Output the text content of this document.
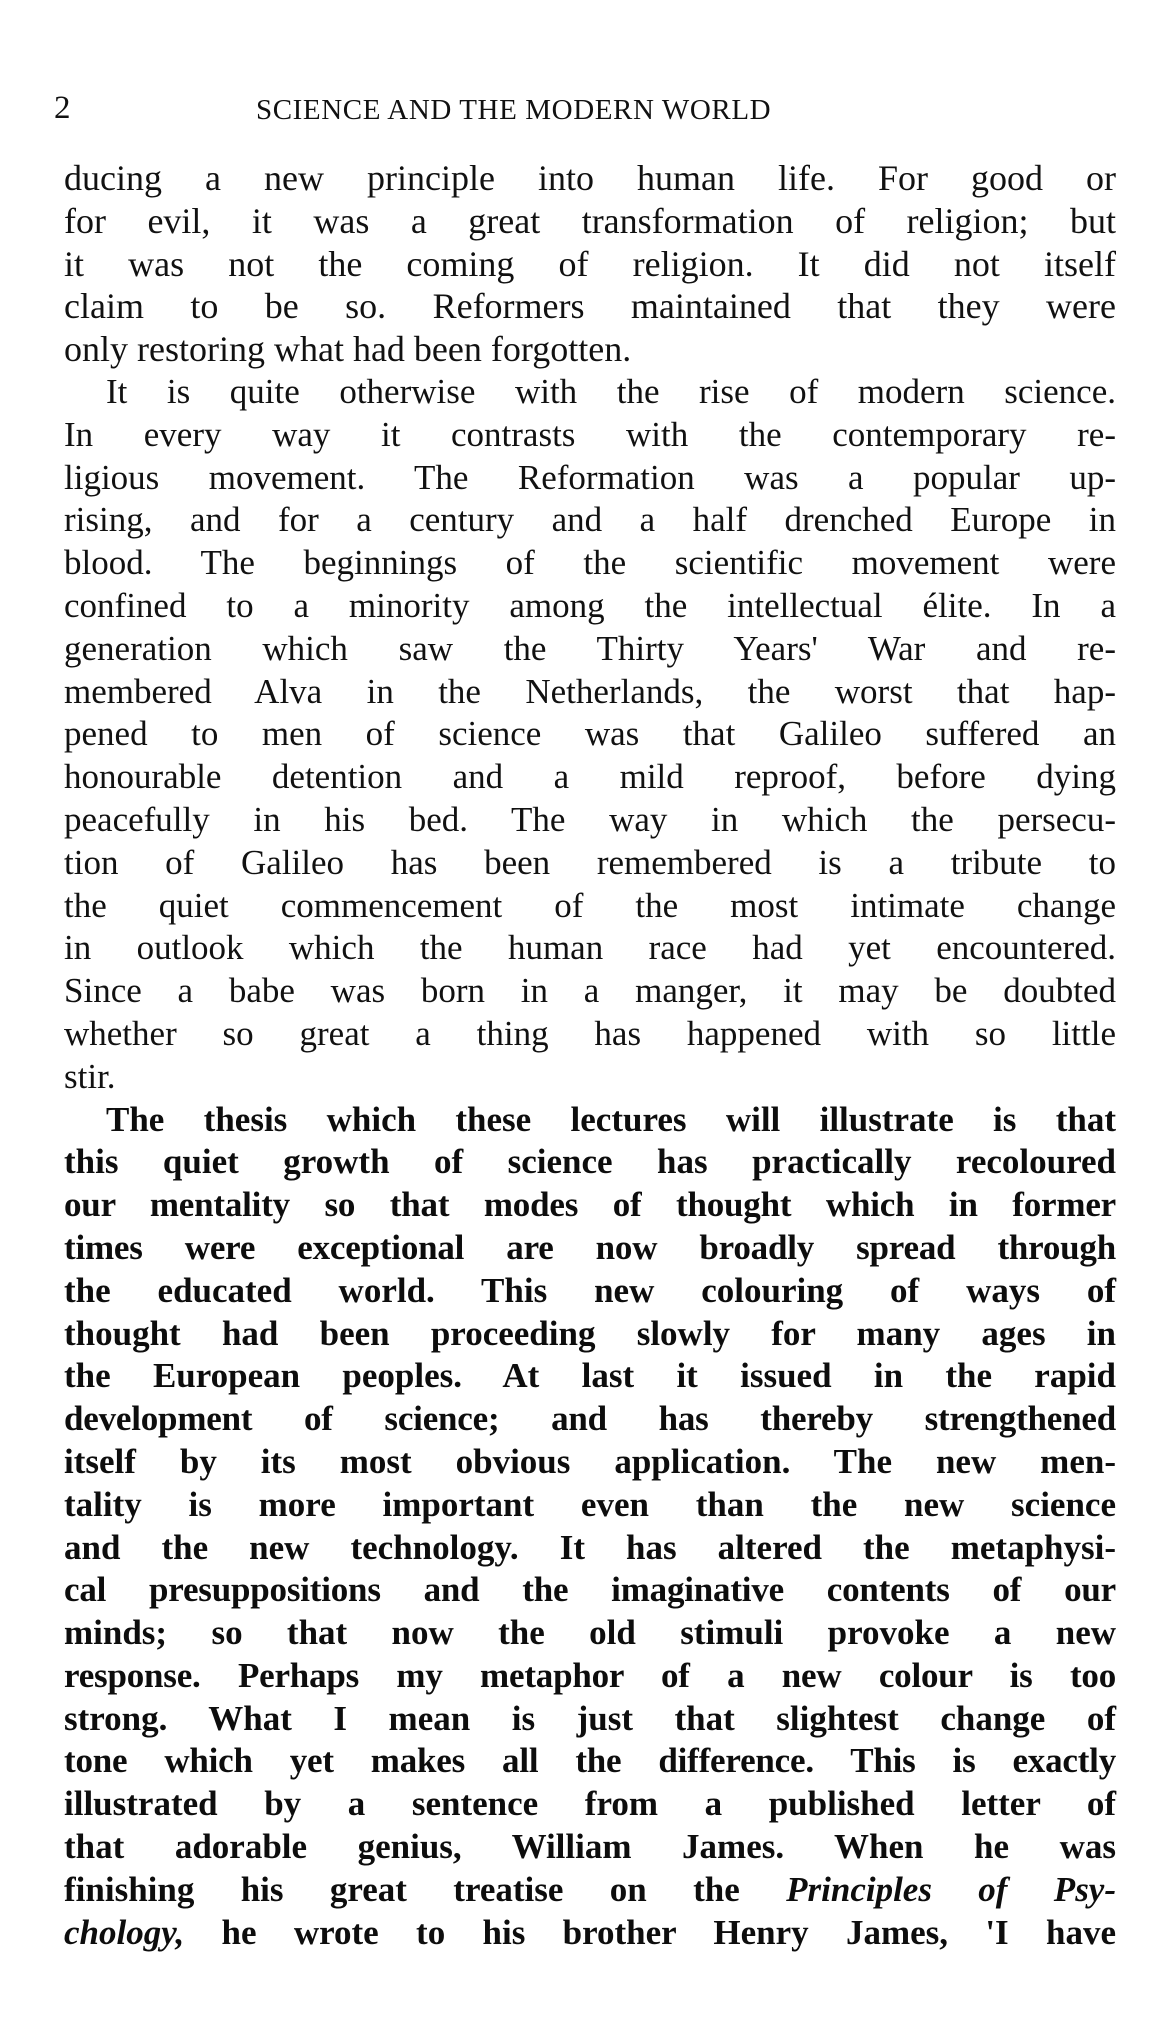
2	SCIENCE AND THE MODERN WORLD
ducing a new principle into human life. For good or
for evil, it was a great transformation of religion; but
it was not the coming of religion. It did not itself
claim to be so. Reformers maintained that they were
only restoring what had been forgotten.
It is quite otherwise with the rise of modern science.
In every way it contrasts with the contemporary re-
ligious movement. The Reformation was a popular up-
rising, and for a century and a half drenched Europe in
blood. The beginnings of the scientific movement were
confined to a minority among the intellectual élite. In a
generation which saw the Thirty Years' War and re-
membered Alva in the Netherlands, the worst that hap-
pened to men of science was that Galileo suffered an
honourable detention and a mild reproof, before dying
peacefully in his bed. The way in which the persecu-
tion of Galileo has been remembered is a tribute to
the quiet commencement of the most intimate change
in outlook which the human race had yet encountered.
Since a babe was born in a manger, it may be doubted
whether so great a thing has happened with so little
stir.
The thesis which these lectures will illustrate is that
this quiet growth of science has practically recoloured
our mentality so that modes of thought which in former
times were exceptional are now broadly spread through
the educated world. This new colouring of ways of
thought had been proceeding slowly for many ages in
the European peoples. At last it issued in the rapid
development of science; and has thereby strengthened
itself by its most obvious application. The new men-
tality is more important even than the new science
and the new technology. It has altered the metaphysi-
cal presuppositions and the imaginative contents of our
minds; so that now the old stimuli provoke a new
response. Perhaps my metaphor of a new colour is too
strong. What I mean is just that slightest change of
tone which yet makes all the difference. This is exactly
illustrated by a sentence from a published letter of
that adorable genius, William James. When he was
finishing his great treatise on the Principles of Psy-
chology, he wrote to his brother Henry James, 'I have
